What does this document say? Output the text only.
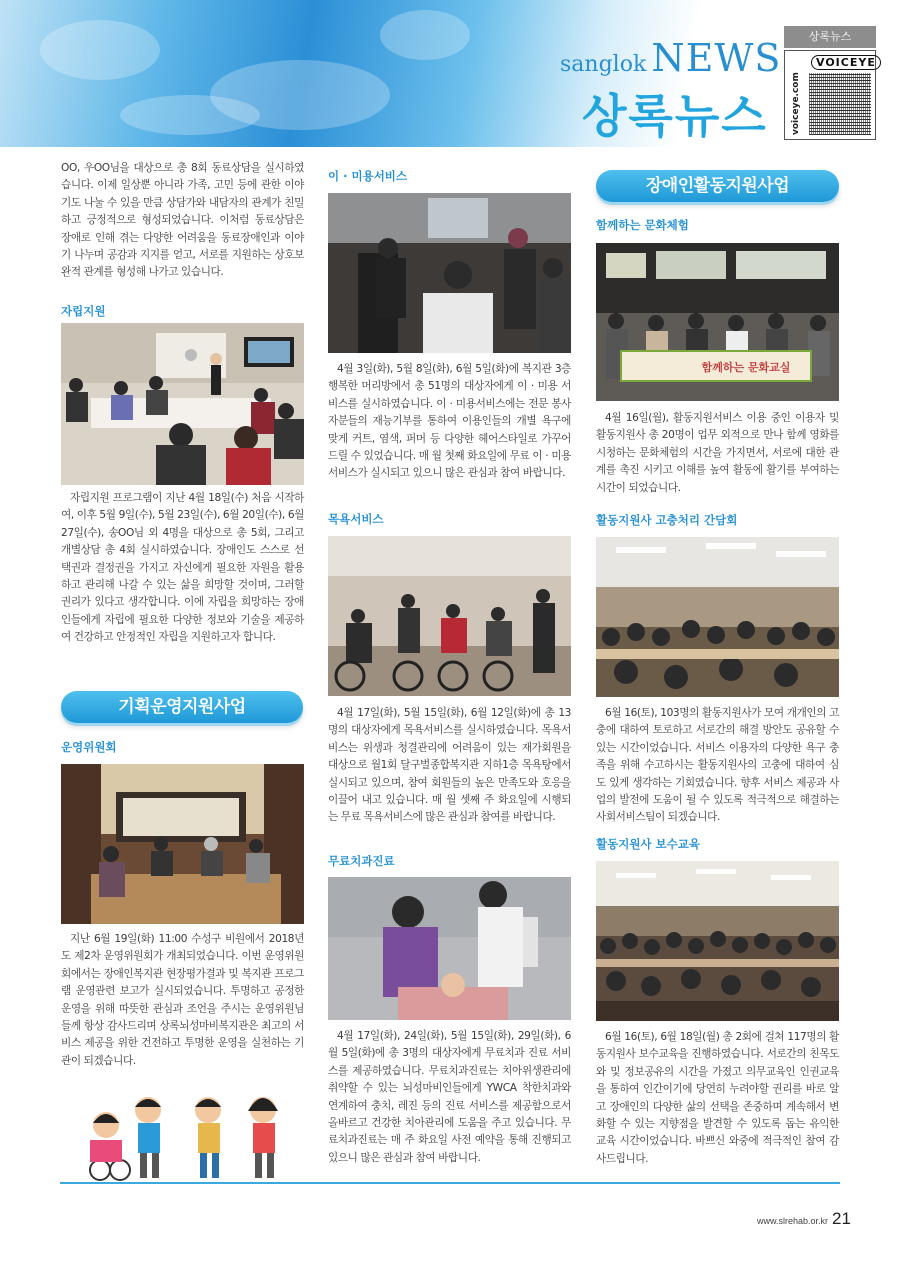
sanglok NEWS
상록뉴스
상록뉴스
voiceye.com
VOICEYE

OO, 우OO님을 대상으로 총 8회 동료상담을 실시하였습니다. 이제 일상뿐 아니라 가족, 고민 등에 관한 이야기도 나눌 수 있을 만큼 상담가와 내담자의 관계가 친밀하고 긍정적으로 형성되었습니다. 이처럼 동료상담은 장애로 인해 겪는 다양한 어려움을 동료장애인과 이야기 나누며 공감과 지지를 얻고, 서로를 지원하는 상호보완적 관계를 형성해 나가고 있습니다.

자립지원

자립지원 프로그램이 지난 4월 18일(수) 처음 시작하여, 이후 5월 9일(수), 5월 23일(수), 6월 20일(수), 6월 27일(수), 송OO님 외 4명을 대상으로 총 5회, 그리고 개별상담 총 4회 실시하였습니다. 장애인도 스스로 선택권과 결정권을 가지고 자신에게 필요한 자원을 활용하고 관리해 나갈 수 있는 삶을 희망할 것이며, 그러할 권리가 있다고 생각합니다. 이에 자립을 희망하는 장애인들에게 자립에 필요한 다양한 정보와 기술을 제공하여 건강하고 안정적인 자립을 지원하고자 합니다.

기획운영지원사업
운영위원회

지난 6월 19일(화) 11:00 수성구 비원에서 2018년도 제2차 운영위원회가 개최되었습니다. 이번 운영위원회에서는 장애인복지관 현장평가결과 및 복지관 프로그램 운영관련 보고가 실시되었습니다. 투명하고 공정한 운영을 위해 따뜻한 관심과 조언을 주시는 운영위원님들께 항상 감사드리며 상록뇌성마비복지관은 최고의 서비스 제공을 위한 건전하고 투명한 운영을 실천하는 기관이 되겠습니다.

이 · 미용서비스

4월 3일(화), 5월 8일(화), 6월 5일(화)에 복지관 3층 행복한 머리방에서 총 51명의 대상자에게 이 · 미용 서비스를 실시하였습니다. 이 · 미용서비스에는 전문 봉사자분들의 재능기부를 통하여 이용인들의 개별 욕구에 맞게 커트, 염색, 퍼머 등 다양한 헤어스타일로 가꾸어 드릴 수 있었습니다. 매 월 첫째 화요일에 무료 이 · 미용서비스가 실시되고 있으니 많은 관심과 참여 바랍니다.

목욕서비스

4월 17일(화), 5월 15일(화), 6월 12일(화)에 총 13명의 대상자에게 목욕서비스를 실시하였습니다. 목욕서비스는 위생과 청결관리에 어려움이 있는 재가회원을 대상으로 월1회 달구벌종합복지관 지하1층 목욕탕에서 실시되고 있으며, 참여 회원들의 높은 만족도와 호응을 이끌어 내고 있습니다. 매 월 셋째 주 화요일에 시행되는 무료 목욕서비스에 많은 관심과 참여를 바랍니다.

무료치과진료

4월 17일(화), 24일(화), 5월 15일(화), 29일(화), 6월 5일(화)에 총 3명의 대상자에게 무료치과 진료 서비스를 제공하였습니다. 무료치과진료는 치아위생관리에 취약할 수 있는 뇌성마비인들에게 YWCA 착한치과와 연계하여 충치, 레진 등의 진료 서비스를 제공함으로서 올바르고 건강한 치아관리에 도움을 주고 있습니다. 무료치과진료는 매 주 화요일 사전 예약을 통해 진행되고 있으니 많은 관심과 참여 바랍니다.

장애인활동지원사업
함께하는 문화체험
함께하는 문화교실

4월 16일(월), 활동지원서비스 이용 중인 이용자 및 활동지원사 총 20명이 업무 외적으로 만나 함께 영화를 시청하는 문화체험의 시간을 가지면서, 서로에 대한 관계를 촉진 시키고 이해를 높여 활동에 활기를 부여하는 시간이 되었습니다.

활동지원사 고충처리 간담회

6월 16(토), 103명의 활동지원사가 모여 개개인의 고충에 대하여 토로하고 서로간의 해결 방안도 공유할 수 있는 시간이었습니다. 서비스 이용자의 다양한 욕구 충족을 위해 수고하시는 활동지원사의 고충에 대하여 심도 있게 생각하는 기회였습니다. 향후 서비스 제공과 사업의 발전에 도움이 될 수 있도록 적극적으로 해결하는 사회서비스팀이 되겠습니다.

활동지원사 보수교육

6월 16(토), 6월 18일(월) 총 2회에 걸쳐 117명의 활동지원사 보수교육을 진행하였습니다. 서로간의 친목도와 및 정보공유의 시간을 가졌고 의무교육인 인권교육을 통하여 인간이기에 당연히 누려야할 권리를 바로 알고 장애인의 다양한 삶의 선택을 존중하며 계속해서 변화할 수 있는 지향점을 발견할 수 있도록 돕는 유익한 교육 시간이었습니다. 바쁘신 와중에 적극적인 참여 감사드립니다.

www.slrehab.or.kr 21
